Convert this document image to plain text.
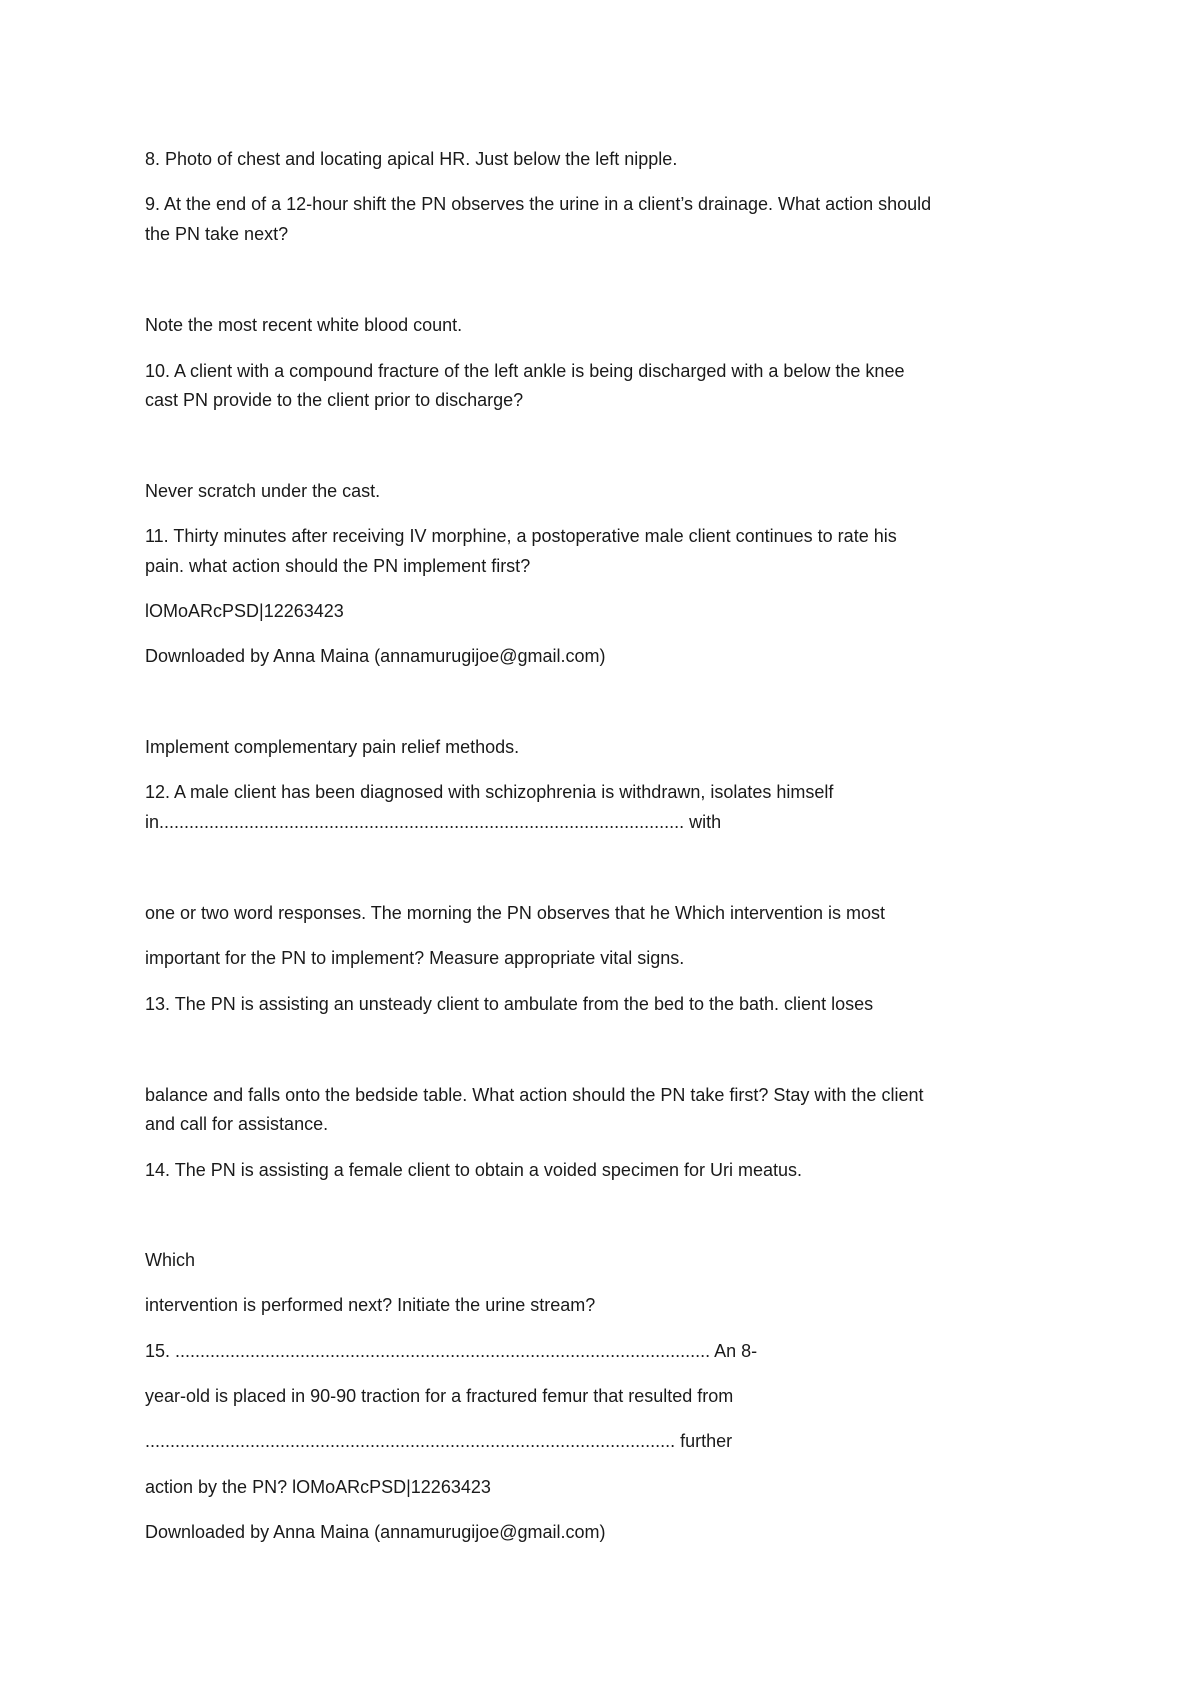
8. Photo of chest and locating apical HR. Just below the left nipple.

9. At the end of a 12-hour shift the PN observes the urine in a client’s drainage. What action should

the PN take next?

Note the most recent white blood count.

10. A client with a compound fracture of the left ankle is being discharged with a below the knee

cast PN provide to the client prior to discharge?

Never scratch under the cast.

11. Thirty minutes after receiving IV morphine, a postoperative male client continues to rate his

pain. what action should the PN implement first?

lOMoARcPSD|12263423

Downloaded by Anna Maina (annamurugijoe@gmail.com)

Implement complementary pain relief methods.

12. A male client has been diagnosed with schizophrenia is withdrawn, isolates himself

in......................................................................................................... with

one or two word responses. The morning the PN observes that he Which intervention is most

important for the PN to implement? Measure appropriate vital signs.

13. The PN is assisting an unsteady client to ambulate from the bed to the bath. client loses

balance and falls onto the bedside table. What action should the PN take first? Stay with the client

and call for assistance.

14. The PN is assisting a female client to obtain a voided specimen for Uri meatus.

Which

intervention is performed next? Initiate the urine stream?

15. ........................................................................................................... An 8-

year-old is placed in 90-90 traction for a fractured femur that resulted from

.......................................................................................................... further

action by the PN? lOMoARcPSD|12263423

Downloaded by Anna Maina (annamurugijoe@gmail.com)
